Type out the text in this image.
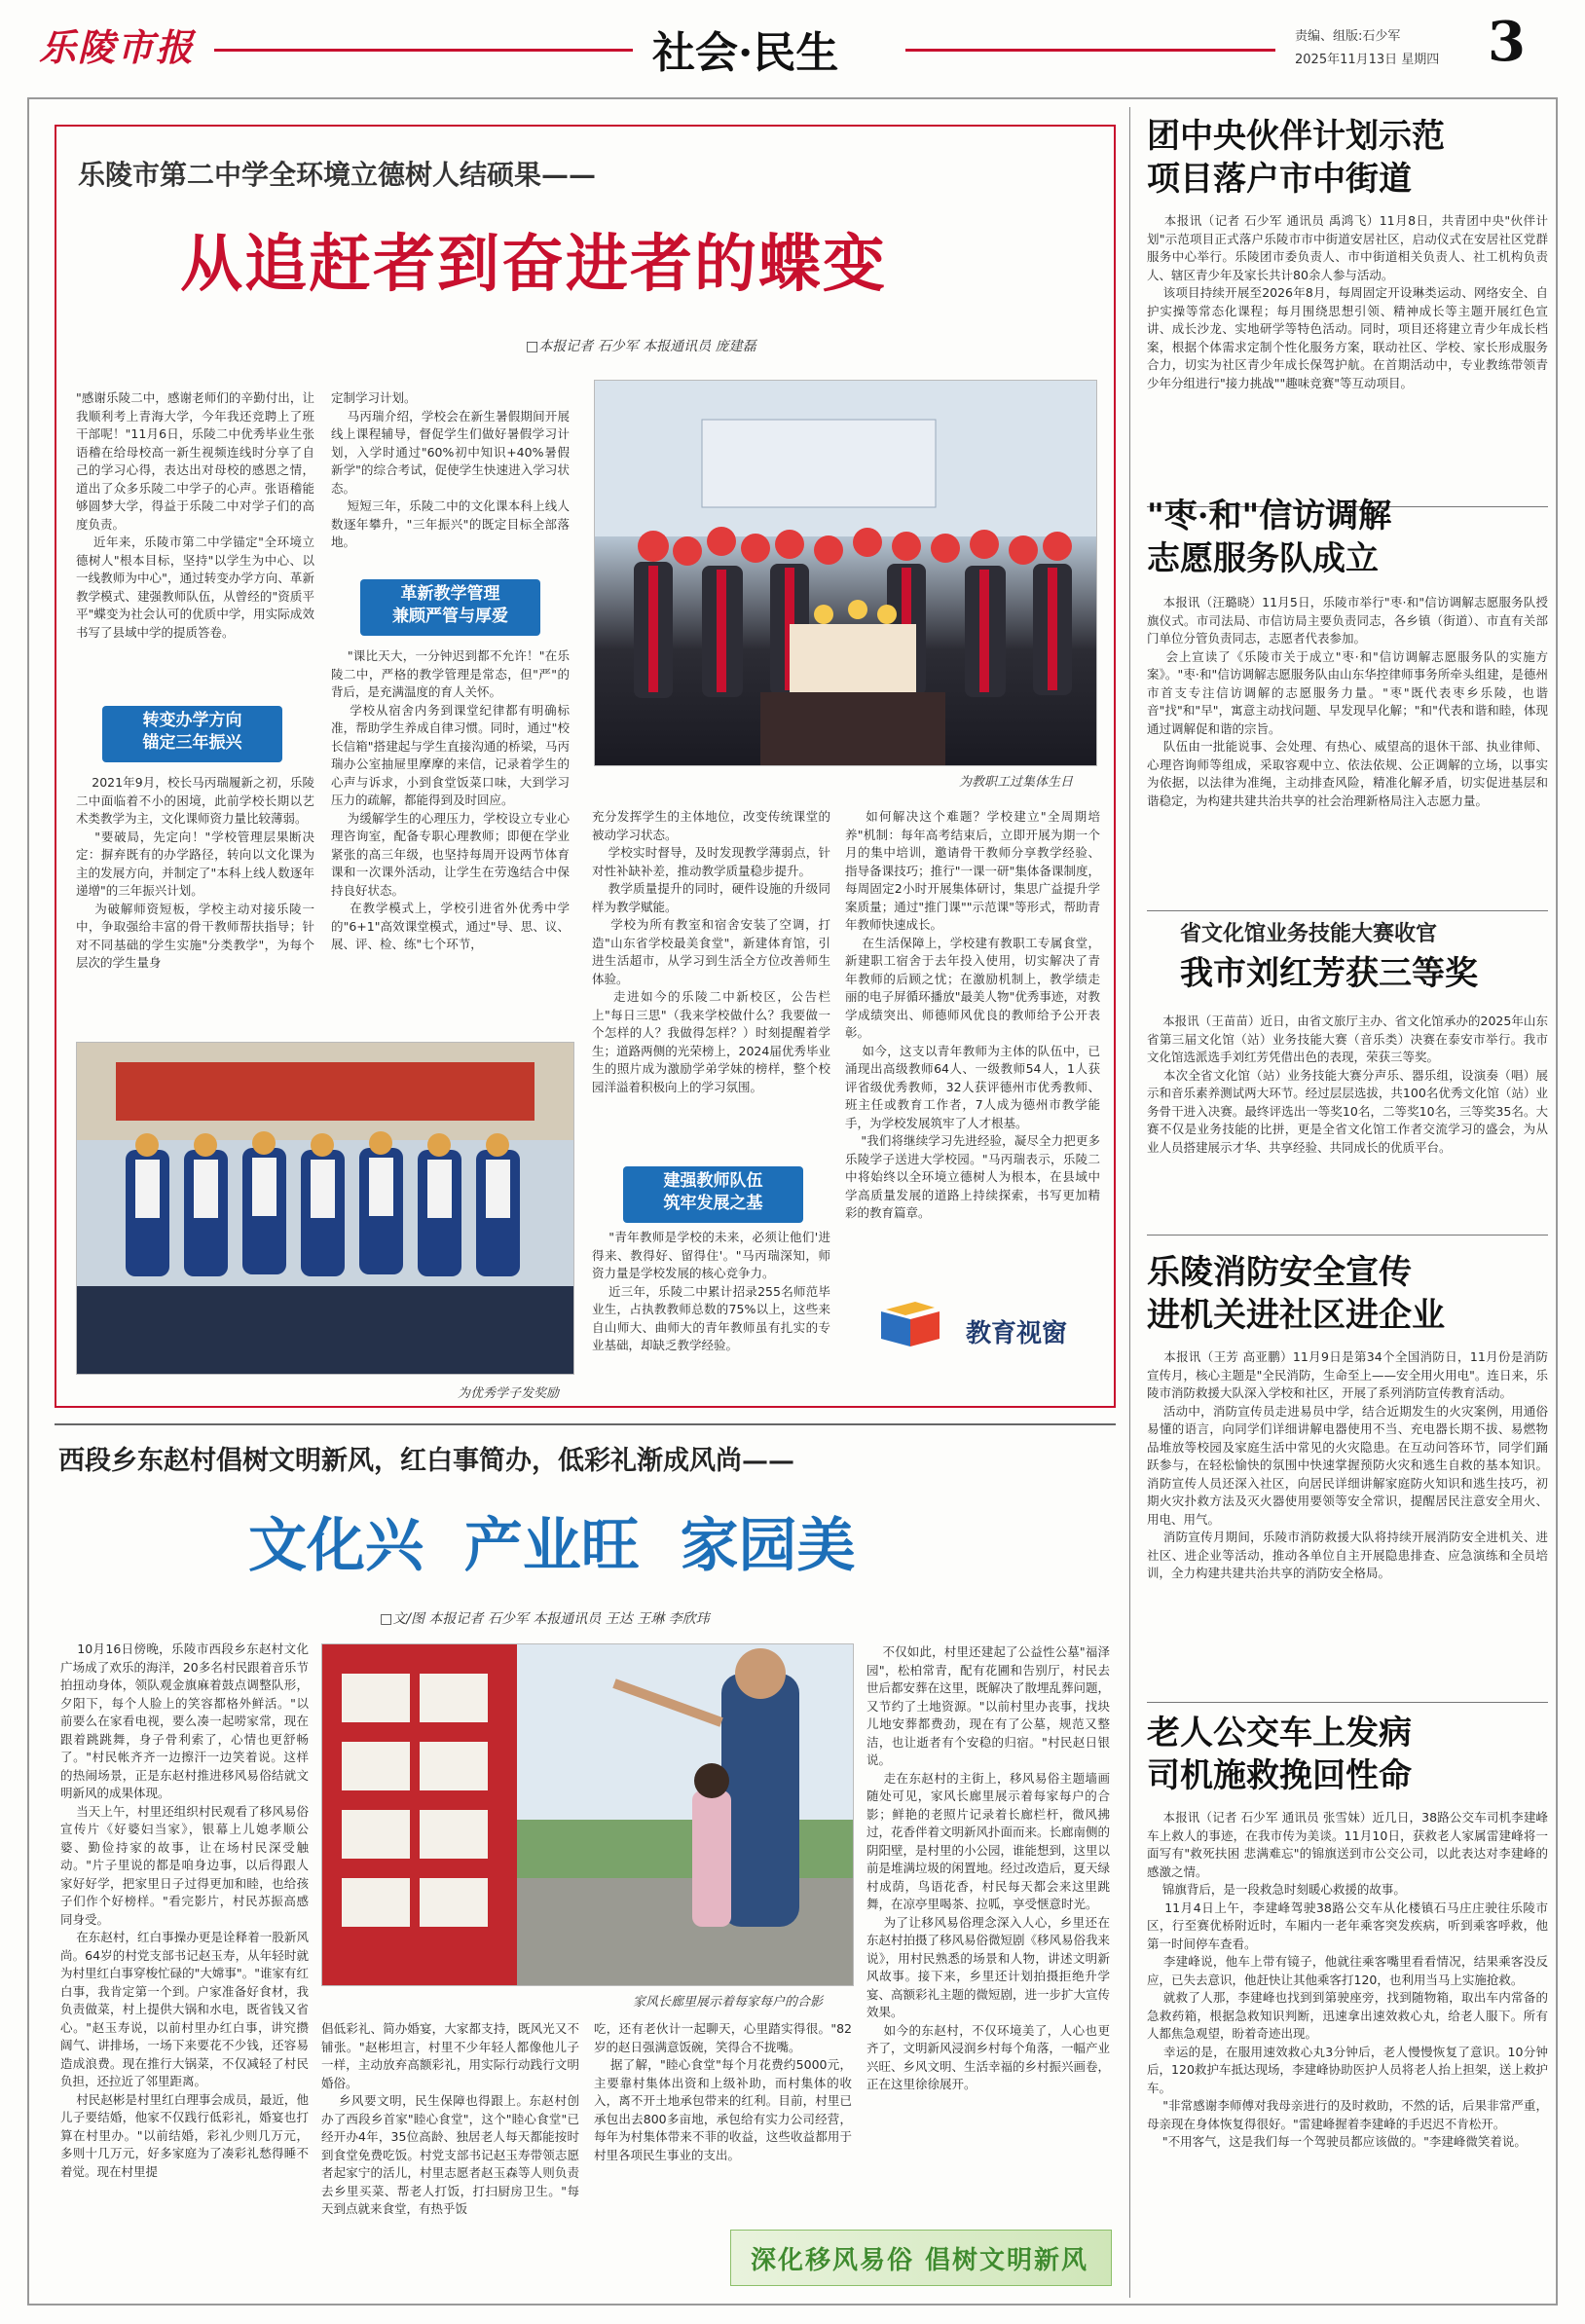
乐陵市报	社会·民生	责编、组版:石少军
2025年11月13日 星期四 3
乐陵市第二中学全环境立德树人结硕果——
从追赶者到奋进者的蝶变
□本报记者 石少军 本报通讯员 庞建磊
"感谢乐陵二中，感谢老师们的辛勤付出，让我顺利考上青海大学，今年我还竞聘上了班干部呢！"11月6日，乐陵二中优秀毕业生张语稽在给母校高一新生视频连线时分享了自己的学习心得，表达出对母校的感恩之情，道出了众多乐陵二中学子的心声。张语稽能够圆梦大学，得益于乐陵二中对学子们的高度负责。
近年来，乐陵市第二中学锚定"全环境立德树人"根本目标，坚持"以学生为中心、以一线教师为中心"，通过转变办学方向、革新教学模式、建强教师队伍，从曾经的"资质平平"蝶变为社会认可的优质中学，用实际成效书写了县域中学的提质答卷。
转变办学方向
锚定三年振兴
2021年9月，校长马丙瑞履新之初，乐陵二中面临着不小的困境，此前学校长期以艺术类教学为主，文化课师资力量比较薄弱。
"要破局，先定向！"学校管理层果断决定：摒弃既有的办学路径，转向以文化课为主的发展方向，并制定了"本科上线人数逐年递增"的三年振兴计划。
为破解师资短板，学校主动对接乐陵一中，争取强给丰富的骨干教师帮扶指导；针对不同基础的学生实施"分类教学"，为每个层次的学生量身
定制学习计划。
马丙瑞介绍，学校会在新生暑假期间开展线上课程辅导，督促学生们做好暑假学习计划，入学时通过"60%初中知识+40%暑假新学"的综合考试，促使学生快速进入学习状态。
短短三年，乐陵二中的文化课本科上线人数逐年攀升，"三年振兴"的既定目标全部落地。
革新教学管理
兼顾严管与厚爱
"课比天大，一分钟迟到都不允许！"在乐陵二中，严格的教学管理是常态，但"严"的背后，是充满温度的育人关怀。
学校从宿舍内务到课堂纪律都有明确标准，帮助学生养成自律习惯。同时，通过"校长信箱"搭建起与学生直接沟通的桥梁，马丙瑞办公室抽屉里摩摩的来信，记录着学生的心声与诉求，小到食堂饭菜口味，大到学习压力的疏解，都能得到及时回应。
为缓解学生的心理压力，学校设立专业心理咨询室，配备专职心理教师；即便在学业紧张的高三年级，也坚持每周开设两节体育课和一次课外活动，让学生在劳逸结合中保持良好状态。
在教学模式上，学校引进省外优秀中学的"6+1"高效课堂模式，通过"导、思、议、展、评、检、练"七个环节，
为教职工过集体生日
充分发挥学生的主体地位，改变传统课堂的被动学习状态。
学校实时督导，及时发现教学薄弱点，针对性补缺补差，推动教学质量稳步提升。
教学质量提升的同时，硬件设施的升级同样为教学赋能。
学校为所有教室和宿舍安装了空调，打造"山东省学校最美食堂"，新建体育馆，引进生活超市，从学习到生活全方位改善师生体验。
走进如今的乐陵二中新校区，公告栏上"每日三思"（我来学校做什么？我要做一个怎样的人？我做得怎样？）时刻提醒着学生；道路两侧的光荣榜上，2024届优秀毕业生的照片成为激励学弟学妹的榜样，整个校园洋溢着积极向上的学习氛围。
建强教师队伍
筑牢发展之基
"青年教师是学校的未来，必须让他们'进得来、教得好、留得住'。"马丙瑞深知，师资力量是学校发展的核心竞争力。
近三年，乐陵二中累计招录255名师范毕业生，占执教教师总数的75%以上，这些来自山师大、曲师大的青年教师虽有扎实的专业基础，却缺乏教学经验。
如何解决这个难题？学校建立"全周期培养"机制：每年高考结束后，立即开展为期一个月的集中培训，邀请骨干教师分享教学经验、指导备课技巧；推行"一课一研"集体备课制度，每周固定2小时开展集体研讨，集思广益提升学案质量；通过"推门课""示范课"等形式，帮助青年教师快速成长。
在生活保障上，学校建有教职工专属食堂，新建职工宿舍于去年投入使用，切实解决了青年教师的后顾之忧；在激励机制上，教学绩走丽的电子屏循环播放"最美人物"优秀事迹，对教学成绩突出、师德师风优良的教师给予公开表彰。
如今，这支以青年教师为主体的队伍中，已涌现出高级教师64人、一级教师54人，1人获评省级优秀教师，32人获评德州市优秀教师、班主任或教育工作者，7人成为德州市教学能手，为学校发展筑牢了人才根基。
"我们将继续学习先进经验，凝尽全力把更多乐陵学子送进大学校园。"马丙瑞表示，乐陵二中将始终以全环境立德树人为根本，在县域中学高质量发展的道路上持续探索，书写更加精彩的教育篇章。
教育视窗
为优秀学子发奖励
西段乡东赵村倡树文明新风，红白事简办，低彩礼渐成风尚——
文化兴  产业旺  家园美
□文/图 本报记者 石少军 本报通讯员 王达 王琳 李欣玮
10月16日傍晚，乐陵市西段乡东赵村文化广场成了欢乐的海洋，20多名村民跟着音乐节拍扭动身体，领队观金旗麻着鼓点调整队形，夕阳下，每个人脸上的笑容都格外鲜活。"以前要么在家看电视，要么凑一起唠家常，现在跟着跳跳舞，身子骨利索了，心情也更舒畅了。"村民帐齐齐一边擦汗一边笑着说。这样的热闹场景，正是东赵村推进移风易俗结就文明新风的成果体现。
当天上午，村里还组织村民观看了移风易俗宣传片《好婆妇当家》，银幕上儿媳孝顺公婆、勤俭持家的故事，让在场村民深受触动。"片子里说的都是咱身边事，以后得跟人家好好学，把家里日子过得更加和睦，也给孩子们作个好榜样。"看完影片，村民苏振高感同身受。
在东赵村，红白事操办更是诠释着一股新风尚。64岁的村党支部书记赵玉寿，从年轻时就为村里红白事穿梭忙碌的"大嫦事"。"谁家有红白事，我肯定第一个到。户家准备好食材，我负责做菜，村上提供大锅和水电，既省钱又省心。"赵玉寿说，以前村里办红白事，讲究攒阔气、讲排场，一场下来要花不少钱，还容易造成浪费。现在推行大锅菜，不仅减轻了村民负担，还拉近了邻里距离。
村民赵彬是村里红白理事会成员，最近，他儿子要结婚，他家不仅践行低彩礼，婚宴也打算在村里办。"以前结婚，彩礼少则几万元，多则十几万元，好多家庭为了凑彩礼愁得睡不着觉。现在村里提
家风长廊里展示着每家每户的合影
倡低彩礼、简办婚宴，大家都支持，既风光又不铺张。"赵彬坦言，村里不少年轻人都像他儿子一样，主动放弃高额彩礼，用实际行动践行文明婚俗。
乡风要文明，民生保障也得跟上。东赵村创办了西段乡首家"睦心食堂"，这个"睦心食堂"已经开办4年，35位高龄、独居老人每天都能按时到食堂免费吃饭。村党支部书记赵玉寿带领志愿者起家宁的活儿，村里志愿者赵玉森等人则负责去乡里买菜、帮老人打饭，打扫厨房卫生。"每天到点就来食堂，有热乎饭
吃，还有老伙计一起聊天，心里踏实得很。"82岁的赵日强满意饭碗，笑得合不拢嘴。
据了解，"睦心食堂"每个月花费约5000元，主要靠村集体出资和上级补助，而村集体的收入，离不开土地承包带来的红利。目前，村里已承包出去800多亩地，承包给有实力公司经营，每年为村集体带来不菲的收益，这些收益都用于村里各项民生事业的支出。
不仅如此，村里还建起了公益性公墓"福泽园"，松柏常青，配有花圃和告别厅，村民去世后都安葬在这里，既解决了散埋乱葬问题，又节约了土地资源。"以前村里办丧事，找块儿地安葬都费劲，现在有了公墓，规范又整洁，也让逝者有个安稳的归宿。"村民赵日银说。
走在东赵村的主街上，移风易俗主题墙画随处可见，家风长廊里展示着每家每户的合影；鲜艳的老照片记录着长廊栏杆，微风拂过，花香伴着文明新风扑面而来。长廊南侧的阴阳壁，是村里的小公园，谁能想到，这里以前是堆满垃圾的闲置地。经过改造后，夏天绿村成荫，鸟语花香，村民每天都会来这里跳舞，在凉亭里喝茶、拉呱，享受惬意时光。
为了让移风易俗理念深入人心，乡里还在东赵村拍摄了移风易俗微短剧《移风易俗我来说》，用村民熟悉的场景和人物，讲述文明新风故事。接下来，乡里还计划拍摄拒绝升学宴、高额彩礼主题的微短剧，进一步扩大宣传效果。
如今的东赵村，不仅环境美了，人心也更齐了，文明新风浸润乡村每个角落，一幅产业兴旺、乡风文明、生活幸福的乡村振兴画卷，正在这里徐徐展开。
深化移风易俗 倡树文明新风
团中央伙伴计划示范
项目落户市中街道
本报讯（记者 石少军 通讯员 禹鸿飞）11月8日，共青团中央"伙伴计划"示范项目正式落户乐陵市市中街道安居社区，启动仪式在安居社区党群服务中心举行。乐陵团市委负责人、市中街道相关负责人、社工机构负责人、辖区青少年及家长共计80余人参与活动。
该项目持续开展至2026年8月，每周固定开设琳类运动、网络安全、自护实操等常态化课程；每月围绕思想引领、精神成长等主题开展红色宣讲、成长沙龙、实地研学等特色活动。同时，项目还将建立青少年成长档案，根据个体需求定制个性化服务方案，联动社区、学校、家长形成服务合力，切实为社区青少年成长保驾护航。在首期活动中，专业教练带领青少年分组进行"接力挑战""趣味竞赛"等互动项目。
"枣·和"信访调解
志愿服务队成立
本报讯（汪璐晓）11月5日，乐陵市举行"枣·和"信访调解志愿服务队授旗仪式。市司法局、市信访局主要负责同志，各乡镇（街道）、市直有关部门单位分管负责同志，志愿者代表参加。
会上宣读了《乐陵市关于成立"枣·和"信访调解志愿服务队的实施方案》。"枣·和"信访调解志愿服务队由山东华控律师事务所牵头组建，是德州市首支专注信访调解的志愿服务力量。"枣"既代表枣乡乐陵，也谐音"找"和"早"，寓意主动找问题、早发现早化解；"和"代表和谐和睦，体现通过调解促和谐的宗旨。
队伍由一批能说事、会处理、有热心、威望高的退休干部、执业律师、心理咨询师等组成，采取容观中立、依法依规、公正调解的立场，以事实为依据，以法律为准绳，主动排查风险，精准化解矛盾，切实促进基层和谐稳定，为构建共建共治共享的社会治理新格局注入志愿力量。
省文化馆业务技能大赛收官
我市刘红芳获三等奖
本报讯（王苗苗）近日，由省文旅厅主办、省文化馆承办的2025年山东省第三届文化馆（站）业务技能大赛（音乐类）决赛在泰安市举行。我市文化馆选派选手刘红芳凭借出色的表现，荣获三等奖。
本次全省文化馆（站）业务技能大赛分声乐、器乐组，设演奏（唱）展示和音乐素养测试两大环节。经过层层选拔，共100名优秀文化馆（站）业务骨干进入决赛。最终评选出一等奖10名，二等奖10名，三等奖35名。大赛不仅是业务技能的比拼，更是全省文化馆工作者交流学习的盛会，为从业人员搭建展示才华、共享经验、共同成长的优质平台。
乐陵消防安全宣传
进机关进社区进企业
本报讯（王芳 高亚鹏）11月9日是第34个全国消防日，11月份是消防宣传月，核心主题是"全民消防，生命至上——安全用火用电"。连日来，乐陵市消防救援大队深入学校和社区，开展了系列消防宣传教育活动。
活动中，消防宣传员走进易员中学，结合近期发生的火灾案例，用通俗易懂的语言，向同学们详细讲解电器使用不当、充电器长期不拔、易燃物品堆放等校园及家庭生活中常见的火灾隐患。在互动问答环节，同学们踊跃参与，在轻松愉快的氛围中快速掌握预防火灾和逃生自救的基本知识。消防宣传人员还深入社区，向居民详细讲解家庭防火知识和逃生技巧，初期火灾扑救方法及灭火器使用要领等安全常识，提醒居民注意安全用火、用电、用气。
消防宣传月期间，乐陵市消防救援大队将持续开展消防安全进机关、进社区、进企业等活动，推动各单位自主开展隐患排查、应急演练和全员培训，全力构建共建共治共享的消防安全格局。
老人公交车上发病
司机施救挽回性命
本报讯（记者 石少军 通讯员 张雪妹）近几日，38路公交车司机李建峰车上救人的事迹，在我市传为美谈。11月10日，获救老人家属雷建峰将一面写有"救死扶困 悲满难忘"的锦旗送到市公交公司，以此表达对李建峰的感激之情。
锦旗背后，是一段救急时刻暖心救援的故事。
11月4日上午，李建峰驾驶38路公交车从化楼镇石马庄庄驶往乐陵市区，行至赛优桥附近时，车厢内一老年乘客突发疾病，听到乘客呼救，他第一时间停车查看。
李建峰说，他车上带有镜子，他就往乘客嘴里看看情况，结果乘客没反应，已失去意识，他赶快让其他乘客打120，也利用当马上实施抢救。
就救了人那，李建峰也找到到第驶座旁，找到随物箱，取出车内常备的急救药箱，根据急救知识判断，迅速拿出速效救心丸，给老人服下。所有人都焦急观望，盼着奇迹出现。
幸运的是，在服用速效救心丸3分钟后，老人慢慢恢复了意识。10分钟后，120救护车抵达现场，李建峰协助医护人员将老人抬上担架，送上救护车。
"非常感谢李师傅对我母亲进行的及时救助，不然的话，后果非常严重，母亲现在身体恢复得很好。"雷建峰握着李建峰的手迟迟不肯松开。
"不用客气，这是我们每一个驾驶员都应该做的。"李建峰微笑着说。
